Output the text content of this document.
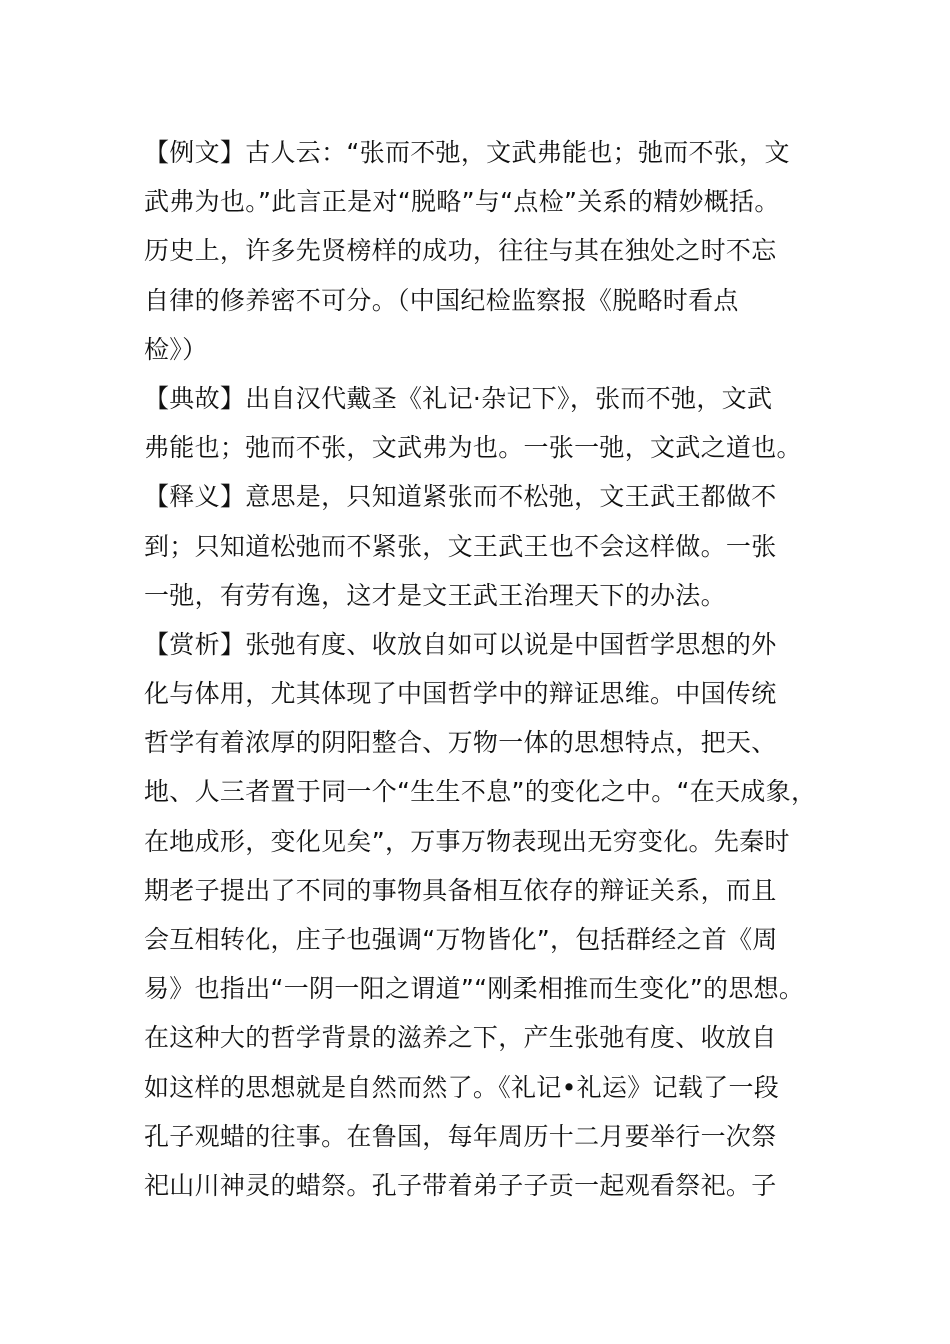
【例文】古人云：“张而不弛，文武弗能也；弛而不张，文
武弗为也。”此言正是对“脱略”与“点检”关系的精妙概括。
历史上，许多先贤榜样的成功，往往与其在独处之时不忘
自律的修养密不可分。（中国纪检监察报《脱略时看点
检》）
【典故】出自汉代戴圣《礼记·杂记下》，张而不弛，文武
弗能也；弛而不张，文武弗为也。一张一弛，文武之道也。
【释义】意思是，只知道紧张而不松弛，文王武王都做不
到；只知道松弛而不紧张，文王武王也不会这样做。一张
一弛，有劳有逸，这才是文王武王治理天下的办法。
【赏析】张弛有度、收放自如可以说是中国哲学思想的外
化与体用，尤其体现了中国哲学中的辩证思维。中国传统
哲学有着浓厚的阴阳整合、万物一体的思想特点，把天、
地、人三者置于同一个“生生不息”的变化之中。“在天成象，
在地成形，变化见矣”，万事万物表现出无穷变化。先秦时
期老子提出了不同的事物具备相互依存的辩证关系，而且
会互相转化，庄子也强调“万物皆化”，包括群经之首《周
易》也指出“一阴一阳之谓道”“刚柔相推而生变化”的思想。
在这种大的哲学背景的滋养之下，产生张弛有度、收放自
如这样的思想就是自然而然了。《礼记•礼运》记载了一段
孔子观蜡的往事。在鲁国，每年周历十二月要举行一次祭
祀山川神灵的蜡祭。孔子带着弟子子贡一起观看祭祀。子
